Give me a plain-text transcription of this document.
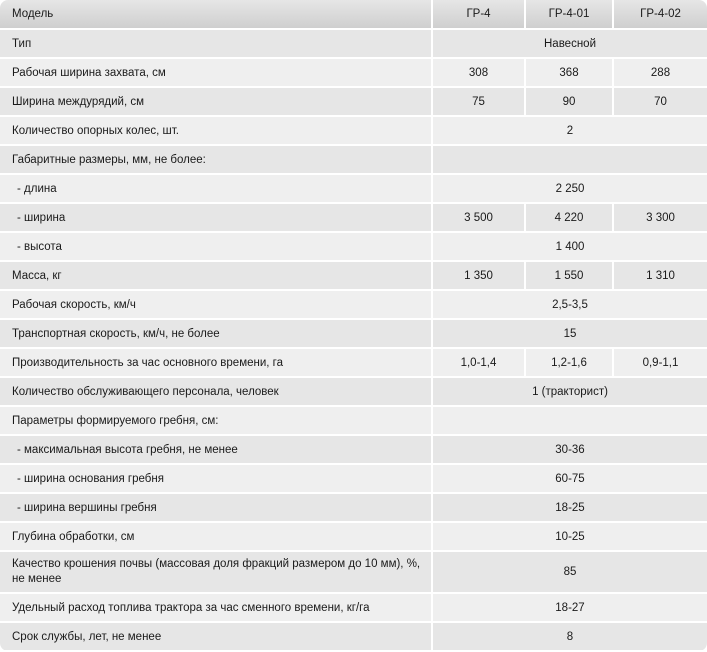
Модель	ГР-4	ГР-4-01	ГР-4-02
Тип	Навесной		
Рабочая ширина захвата, см	308	368	288
Ширина междурядий, см	75	90	70
Количество опорных колес, шт.	2		
Габаритные размеры, мм, не более:			
- длина	2 250		
- ширина	3 500	4 220	3 300
- высота	1 400		
Масса, кг	1 350	1 550	1 310
Рабочая скорость, км/ч	2,5-3,5		
Транспортная скорость, км/ч, не более	15		
Производительность за час основного времени, га	1,0-1,4	1,2-1,6	0,9-1,1
Количество обслуживающего персонала, человек	1 (тракторист)		
Параметры формируемого гребня, см:			
- максимальная высота гребня, не менее	30-36		
- ширина основания гребня	60-75		
- ширина вершины гребня	18-25		
Глубина обработки, см	10-25		
Качество крошения почвы (массовая доля фракций размером до 10 мм), %, не менее	85		
Удельный расход топлива трактора за час сменного времени, кг/га	18-27		
Срок службы, лет, не менее	8		
